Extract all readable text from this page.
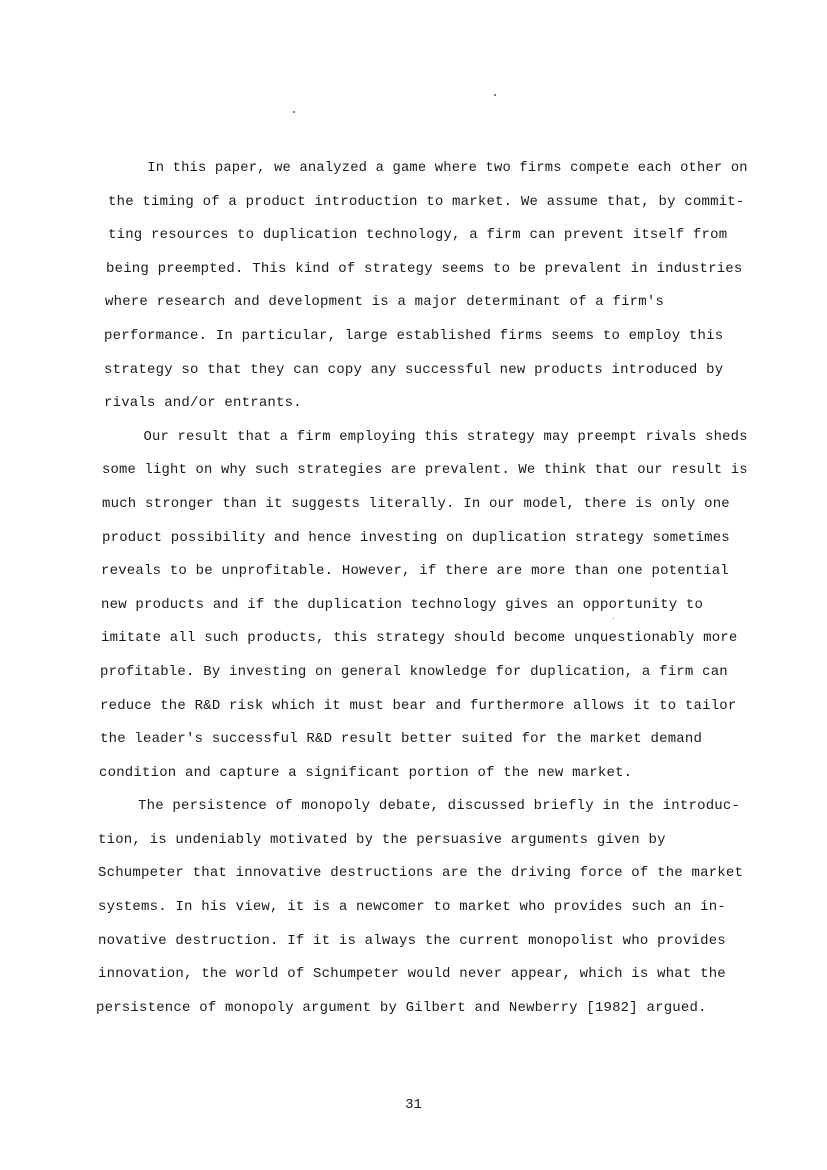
In this paper, we analyzed a game where two firms compete each other on
the timing of a product introduction to market. We assume that, by commit-
ting resources to duplication technology, a firm can prevent itself from
being preempted. This kind of strategy seems to be prevalent in industries
where research and development is a major determinant of a firm's
performance. In particular, large established firms seems to employ this
strategy so that they can copy any successful new products introduced by
rivals and/or entrants.
Our result that a firm employing this strategy may preempt rivals sheds
some light on why such strategies are prevalent. We think that our result is
much stronger than it suggests literally. In our model, there is only one
product possibility and hence investing on duplication strategy sometimes
reveals to be unprofitable. However, if there are more than one potential
new products and if the duplication technology gives an opportunity to
imitate all such products, this strategy should become unquestionably more
profitable. By investing on general knowledge for duplication, a firm can
reduce the R&D risk which it must bear and furthermore allows it to tailor
the leader's successful R&D result better suited for the market demand
condition and capture a significant portion of the new market.
The persistence of monopoly debate, discussed briefly in the introduc-
tion, is undeniably motivated by the persuasive arguments given by
Schumpeter that innovative destructions are the driving force of the market
systems. In his view, it is a newcomer to market who provides such an in-
novative destruction. If it is always the current monopolist who provides
innovation, the world of Schumpeter would never appear, which is what the
persistence of monopoly argument by Gilbert and Newberry [1982] argued.
31
